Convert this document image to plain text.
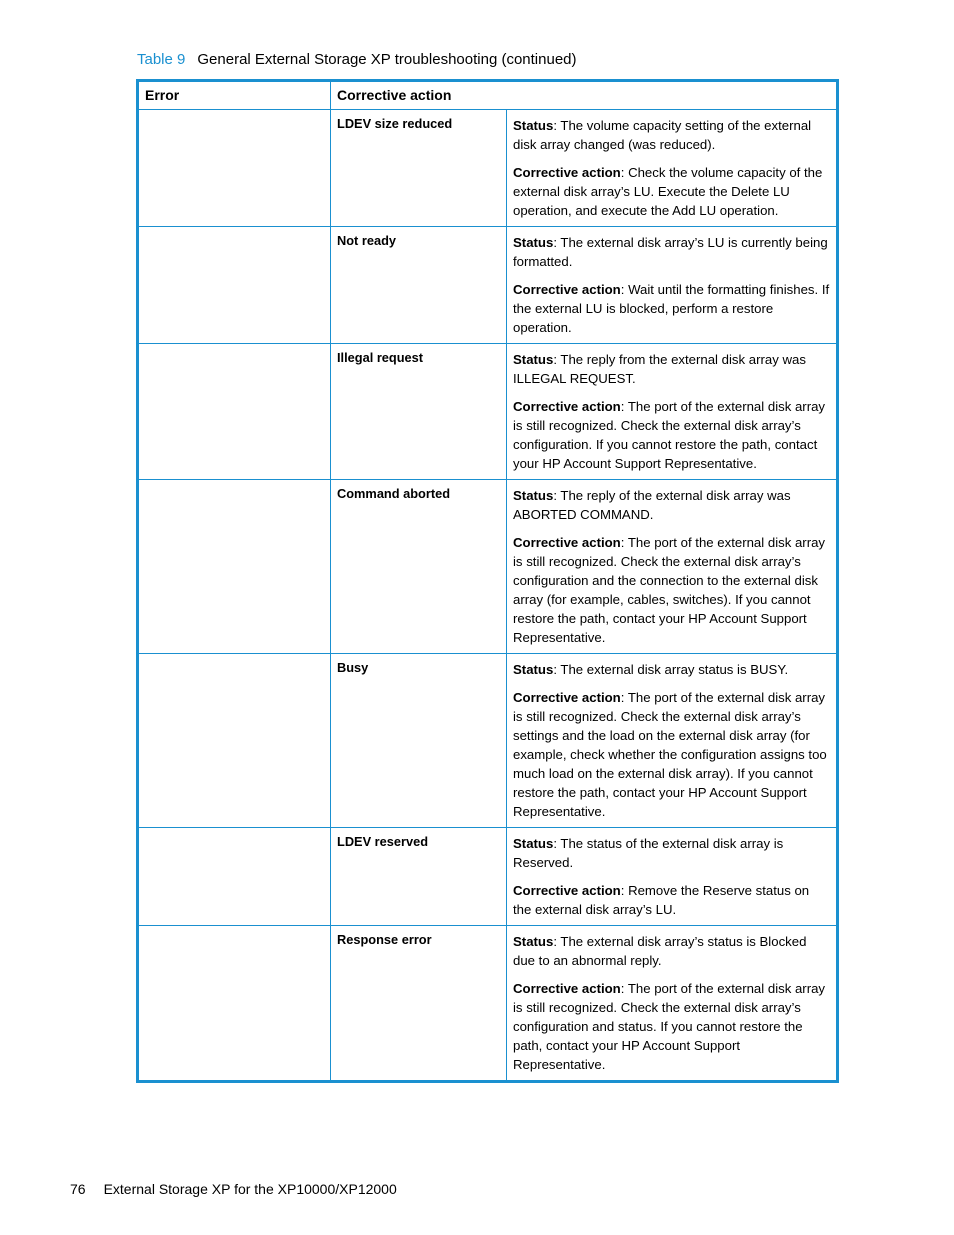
Table 9 General External Storage XP troubleshooting (continued)
Error	Corrective action	
	LDEV size reduced	Status: The volume capacity setting of the external disk array changed (was reduced).

Corrective action: Check the volume capacity of the external disk array’s LU. Execute the Delete LU operation, and execute the Add LU operation.

	Not ready	Status: The external disk array’s LU is currently being formatted.

Corrective action: Wait until the formatting finishes. If the external LU is blocked, perform a restore operation.

	Illegal request	Status: The reply from the external disk array was ILLEGAL REQUEST.

Corrective action: The port of the external disk array is still recognized. Check the external disk array’s configuration. If you cannot restore the path, contact your HP Account Support Representative.

	Command aborted	Status: The reply of the external disk array was ABORTED COMMAND.

Corrective action: The port of the external disk array is still recognized. Check the external disk array’s configuration and the connection to the external disk array (for example, cables, switches). If you cannot restore the path, contact your HP Account Support Representative.

	Busy	Status: The external disk array status is BUSY.

Corrective action: The port of the external disk array is still recognized. Check the external disk array’s settings and the load on the external disk array (for example, check whether the configuration assigns too much load on the external disk array). If you cannot restore the path, contact your HP Account Support Representative.

	LDEV reserved	Status: The status of the external disk array is Reserved.

Corrective action: Remove the Reserve status on the external disk array’s LU.

	Response error	Status: The external disk array’s status is Blocked due to an abnormal reply.

Corrective action: The port of the external disk array is still recognized. Check the external disk array’s configuration and status. If you cannot restore the path, contact your HP Account Support Representative.

76 External Storage XP for the XP10000/XP12000
